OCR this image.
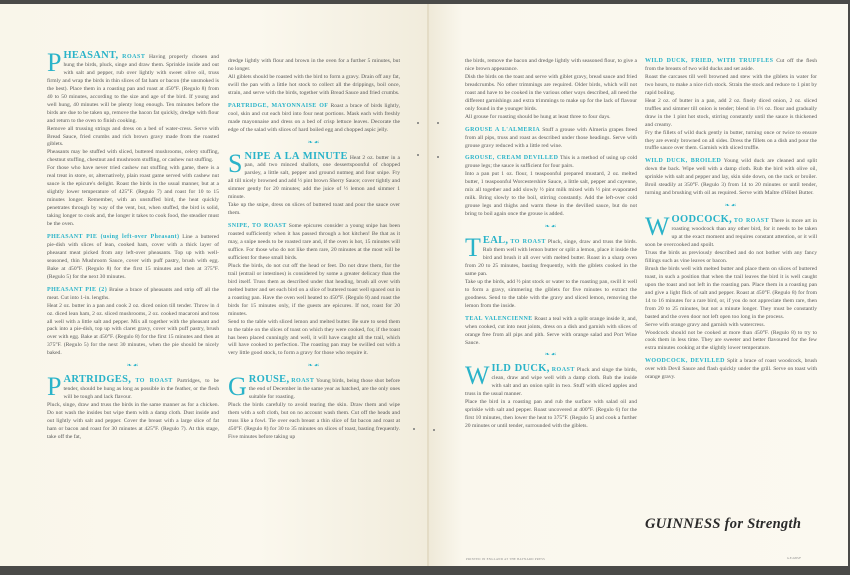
PHEASANT, ROAST Having properly chosen and hung the birds, pluck, singe and draw them. Sprinkle inside and out with salt and pepper, rub over lightly with sweet olive oil, truss firmly and wrap the birds in thin slices of fat ham or bacon (the unsmoked is the best). Place them in a roasting pan and roast at 450°F. (Regulo 8) from 40 to 50 minutes, according to the size and age of the bird. If young and well hung, 40 minutes will be plenty long enough. Ten minutes before the birds are due to be taken up, remove the bacon fat quickly, dredge with flour and return to the oven to finish cooking.

Remove all trussing strings and dress on a bed of water-cress. Serve with Bread Sauce, fried crumbs and rich brown gravy made from the roasted giblets.

Pheasants may be stuffed with sliced, buttered mushrooms, celery stuffing, chestnut stuffing, chestnut and mushroom stuffing, or cashew nut stuffing.

For those who have never tried cashew nut stuffing with game, there is a real treat in store, or, alternatively, plain roast game served with cashew nut sauce is the epicure's delight. Roast the birds in the usual manner, but at a slightly lower temperature of 425°F. (Regulo 7) and roast for 10 to 15 minutes longer. Remember, with an unstuffed bird, the heat quickly penetrates through by way of the vent, but, when stuffed, the bird is solid, taking longer to cook and, the longer it takes to cook food, the steadier must be the oven.

PHEASANT PIE (using left-over Pheasant) Line a buttered pie-dish with slices of lean, cooked ham, cover with a thick layer of pheasant meat picked from any left-over pheasants. Top up with well-seasoned, thin Mushroom Sauce, cover with puff pastry, brush with egg. Bake at 450°F. (Regulo 8) for the first 15 minutes and then at 375°F. (Regulo 5) for the next 30 minutes.

PHEASANT PIE (2) Braise a brace of pheasants and strip off all the meat. Cut into 1-in. lengths.

Heat 2 oz. butter in a pan and cook 2 oz. diced onion till tender. Throw in 4 oz. diced lean ham, 2 oz. sliced mushrooms, 2 oz. cooked macaroni and toss all well with a little salt and pepper. Mix all together with the pheasant and pack into a pie-dish, top up with claret gravy, cover with puff pastry, brush over with egg. Bake at 450°F. (Regulo 8) for the first 15 minutes and then at 375°F. (Regulo 5) for the next 30 minutes, when the pie should be nicely baked.

❧☙

PARTRIDGES, TO ROAST Partridges, to be tender, should be hung as long as possible in the feather, or the flesh will be tough and lack flavour.

Pluck, singe, draw and truss the birds in the same manner as for a chicken. Do not wash the insides but wipe them with a damp cloth. Dust inside and out lightly with salt and pepper. Cover the breast with a large slice of fat ham or bacon and roast for 30 minutes at 425°F. (Regulo 7). At this stage, take off the fat,

dredge lightly with flour and brown in the oven for a further 5 minutes, but no longer.

All giblets should be roasted with the bird to form a gravy. Drain off any fat, swill the pan with a little hot stock to collect all the drippings, boil once, strain, and serve with the birds, together with Bread Sauce and fried crumbs.

PARTRIDGE, MAYONNAISE OF Roast a brace of birds lightly, cool, skin and cut each bird into four neat portions. Mask each with freshly made mayonnaise and dress on a bed of crisp lettuce leaves. Decorate the edge of the salad with slices of hard boiled egg and chopped aspic jelly.

❧☙

SNIPE A LA MINUTE Heat 2 oz. butter in a pan, add two minced shallots, one dessertspoonful of chopped parsley, a little salt, pepper and ground nutmeg and four snipe. Fry all till nicely browned and add ½ pint brown Sherry Sauce; cover tightly and simmer gently for 20 minutes; add the juice of ½ lemon and simmer 1 minute.

Take up the snipe, dress on slices of buttered toast and pour the sauce over them.

SNIPE, TO ROAST Some epicures consider a young snipe has been roasted sufficiently when it has passed through a hot kitchen! Be that as it may, a snipe needs to be roasted rare and, if the oven is hot, 15 minutes will suffice. For those who do not like them rare, 20 minutes at the most will be sufficient for these small birds.

Pluck the birds, do not cut off the head or feet. Do not draw them, for the trail (entrail or intestines) is considered by some a greater delicacy than the bird itself. Truss them as described under that heading, brush all over with melted butter and set each bird on a slice of buttered toast well spaced out in a roasting pan. Have the oven well heated to 450°F. (Regulo 8) and roast the birds for 15 minutes only, if the guests are epicures. If not, roast for 20 minutes.

Send to the table with sliced lemon and melted butter. Be sure to send them to the table on the slices of toast on which they were cooked, for, if the toast has been placed cunningly and well, it will have caught all the trail, which will have cooked to perfection. The roasting pan may be swilled out with a very little good stock, to form a gravy for those who require it.

❧☙

GROUSE, ROAST Young birds, being those shot before the end of December in the same year as hatched, are the only ones suitable for roasting.

Pluck the birds carefully to avoid tearing the skin. Draw them and wipe them with a soft cloth, but on no account wash them. Cut off the heads and truss like a fowl. Tie over each breast a thin slice of fat bacon and roast at 450°F. (Regulo 8) for 30 to 35 minutes on slices of toast, basting frequently. Five minutes before taking up

the birds, remove the bacon and dredge lightly with seasoned flour, to give a nice brown appearance.

Dish the birds on the toast and serve with giblet gravy, bread sauce and fried breadcrumbs. No other trimmings are required. Older birds, which will not roast and have to be cooked in the various other ways described, all need the different garnishings and extra trimmings to make up for the lack of flavour only found in the younger birds.

All grouse for roasting should be hung at least three to four days.

GROUSE A L'ALMERIA Stuff a grouse with Almeria grapes freed from all pips, truss and roast as described under those headings. Serve with grouse gravy reduced with a little red wine.

GROUSE, CREAM DEVILLED This is a method of using up cold grouse legs; the sauce is sufficient for four pairs.

Into a pan put 1 oz. flour, 1 teaspoonful prepared mustard, 2 oz. melted butter, 1 teaspoonful Worcestershire Sauce, a little salt, pepper and cayenne, mix all together and add slowly ½ pint milk mixed with ½ pint evaporated milk. Bring slowly to the boil, stirring constantly. Add the left-over cold grouse legs and thighs and warm these in the devilled sauce, but do not bring to boil again once the grouse is added.

❧☙

TEAL, TO ROAST Pluck, singe, draw and truss the birds. Rub them well with lemon butter or split a lemon, place it inside the bird and brush it all over with melted butter. Roast in a sharp oven from 20 to 25 minutes, basting frequently, with the giblets cooked in the same pan.

Take up the birds, add ½ pint stock or water to the roasting pan, swill it well to form a gravy, simmering the giblets for five minutes to extract the goodness. Send to the table with the gravy and sliced lemon, removing the lemon from the inside.

TEAL VALENCIENNE Roast a teal with a split orange inside it, and, when cooked, cut into neat joints, dress on a dish and garnish with slices of orange free from all pips and pith. Serve with orange salad and Port Wine Sauce.

❧☙

WILD DUCK, ROAST Pluck and singe the birds, clean, draw and wipe well with a damp cloth. Rub the inside with salt and an onion split in two. Stuff with sliced apples and truss in the usual manner.

Place the bird in a roasting pan and rub the surface with salad oil and sprinkle with salt and pepper. Roast uncovered at 400°F. (Regulo 6) for the first 10 minutes, then lower the heat to 375°F. (Regulo 5) and cook a further 20 minutes or until tender, surrounded with the giblets.

WILD DUCK, FRIED, WITH TRUFFLES Cut off the flesh from the breasts of two wild ducks and set aside.

Roast the carcases till well browned and stew with the giblets in water for two hours, to make a nice rich stock. Strain the stock and reduce to 1 pint by rapid boiling.

Heat 2 oz. of butter in a pan, add 2 oz. finely diced onion, 2 oz. sliced truffles and simmer till onion is tender; blend in 1½ oz. flour and gradually draw in the 1 pint hot stock, stirring constantly until the sauce is thickened and creamy.

Fry the fillets of wild duck gently in butter, turning once or twice to ensure they are evenly browned on all sides. Dress the fillets on a dish and pour the truffle sauce over them. Garnish with sliced truffle.

WILD DUCK, BROILED Young wild duck are cleaned and split down the back. Wipe well with a damp cloth. Rub the bird with olive oil, sprinkle with salt and pepper and lay, skin side down, on the rack or broiler. Broil steadily at 350°F. (Regulo 3) from 14 to 20 minutes or until tender, turning and brushing with oil as required. Serve with Maître d'Hôtel Butter.

❧☙

WOODCOCK, TO ROAST There is more art in roasting woodcock than any other bird, for it needs to be taken up at the exact moment and requires constant attention, or it will soon be overcooked and spoilt.

Truss the birds as previously described and do not bother with any fancy fillings such as vine leaves or bacon.

Brush the birds well with melted butter and place them on slices of buttered toast, in such a position that when the trail leaves the bird it is well caught upon the toast and not left in the roasting pan. Place them in a roasting pan and give a light flick of salt and pepper. Roast at 450°F. (Regulo 8) for from 14 to 16 minutes for a rare bird, or, if you do not appreciate them rare, then from 20 to 25 minutes, but not a minute longer. They must be constantly basted and the oven door not left open too long in the process.

Serve with orange gravy and garnish with watercress.

Woodcock should not be cooked at more than 450°F. (Regulo 8) to try to cook them in less time. They are sweeter and better flavoured for the few extra minutes cooking at the slightly lower temperature.

WOODCOCK, DEVILLED Split a brace of roast woodcock, brush over with Devil Sauce and flash quickly under the grill. Serve on toast with orange gravy.

GUINNESS for Strength
PRINTED IN ENGLAND AT THE BAYNARD PRESS	G.E.2265/F
